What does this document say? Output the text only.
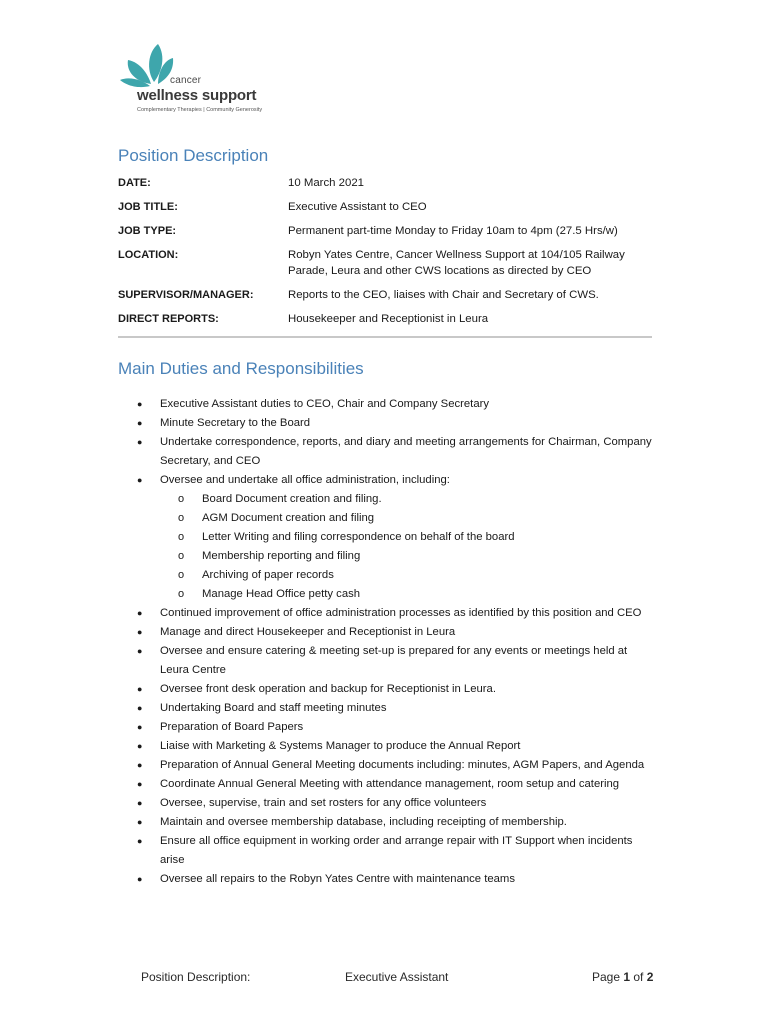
cancer
wellness support
Complementary Therapies | Community Generosity
Position Description
DATE:	10 March 2021
JOB TITLE:	Executive Assistant to CEO
JOB TYPE:	Permanent part-time Monday to Friday 10am to 4pm (27.5 Hrs/w)
LOCATION:	Robyn Yates Centre, Cancer Wellness Support at 104/105 Railway Parade, Leura and other CWS locations as directed by CEO
SUPERVISOR/MANAGER:	Reports to the CEO, liaises with Chair and Secretary of CWS.
DIRECT REPORTS:	Housekeeper and Receptionist in Leura
Main Duties and Responsibilities
● Executive Assistant duties to CEO, Chair and Company Secretary
● Minute Secretary to the Board
● Undertake correspondence, reports, and diary and meeting arrangements for Chairman, Company Secretary, and CEO
● Oversee and undertake all office administration, including:
o Board Document creation and filing.
o AGM Document creation and filing
o Letter Writing and filing correspondence on behalf of the board
o Membership reporting and filing
o Archiving of paper records
o Manage Head Office petty cash
● Continued improvement of office administration processes as identified by this position and CEO
● Manage and direct Housekeeper and Receptionist in Leura
● Oversee and ensure catering & meeting set-up is prepared for any events or meetings held at Leura Centre
● Oversee front desk operation and backup for Receptionist in Leura.
● Undertaking Board and staff meeting minutes
● Preparation of Board Papers
● Liaise with Marketing & Systems Manager to produce the Annual Report
● Preparation of Annual General Meeting documents including: minutes, AGM Papers, and Agenda
● Coordinate Annual General Meeting with attendance management, room setup and catering
● Oversee, supervise, train and set rosters for any office volunteers
● Maintain and oversee membership database, including receipting of membership.
● Ensure all office equipment in working order and arrange repair with IT Support when incidents arise
● Oversee all repairs to the Robyn Yates Centre with maintenance teams
Position Description:	Executive Assistant	Page 1 of 2
